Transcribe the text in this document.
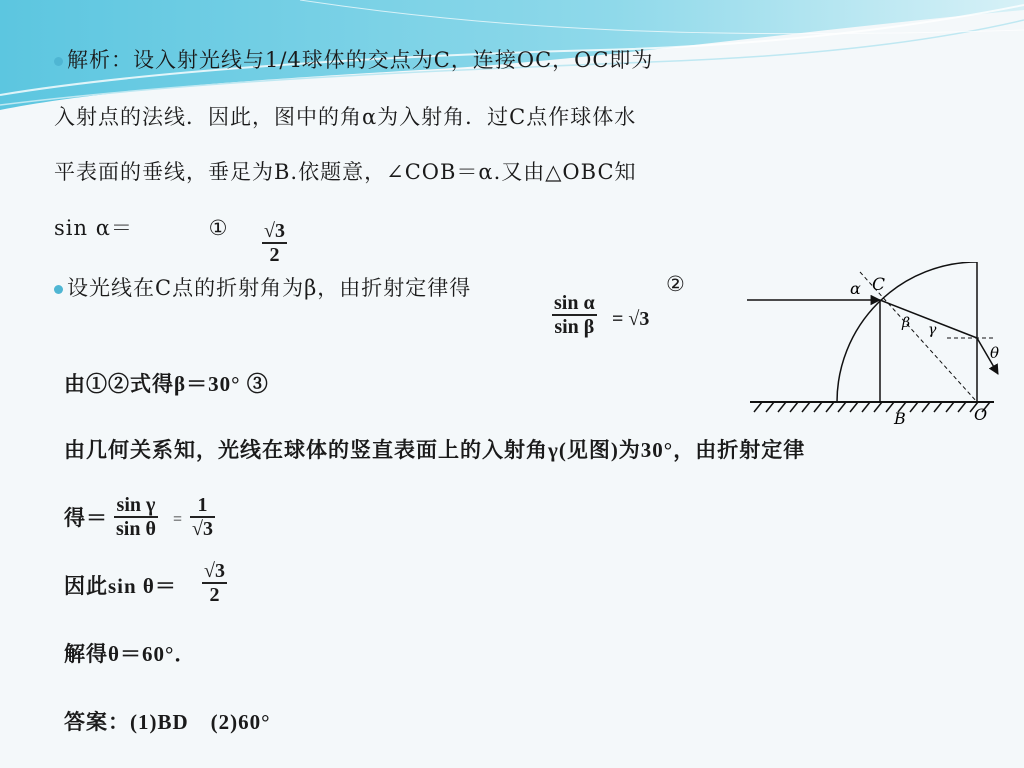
解析：设入射光线与1/4球体的交点为C，连接OC，OC即为
入射点的法线．因此，图中的角α为入射角．过C点作球体水
平表面的垂线，垂足为B.依题意，∠COB＝α.又由△OBC知
sin α＝	① $\frac{√3}{2}$
设光线在C点的折射角为β，由折射定律得
$\frac{\text{sin α}}{\text{sin β}} = √3$
②
由①②式得β＝30° ③
由几何关系知，光线在球体的竖直表面上的入射角γ(见图)为30°，由折射定律
得＝ $\frac{\text{sin γ}}{\text{sin θ}} = \frac{1}{√3}$
因此$\sin \theta= \frac{√3}{2}$
解得θ＝60°．
答案：(1)BD　(2)60°
α C
β γ
θ
B	O
